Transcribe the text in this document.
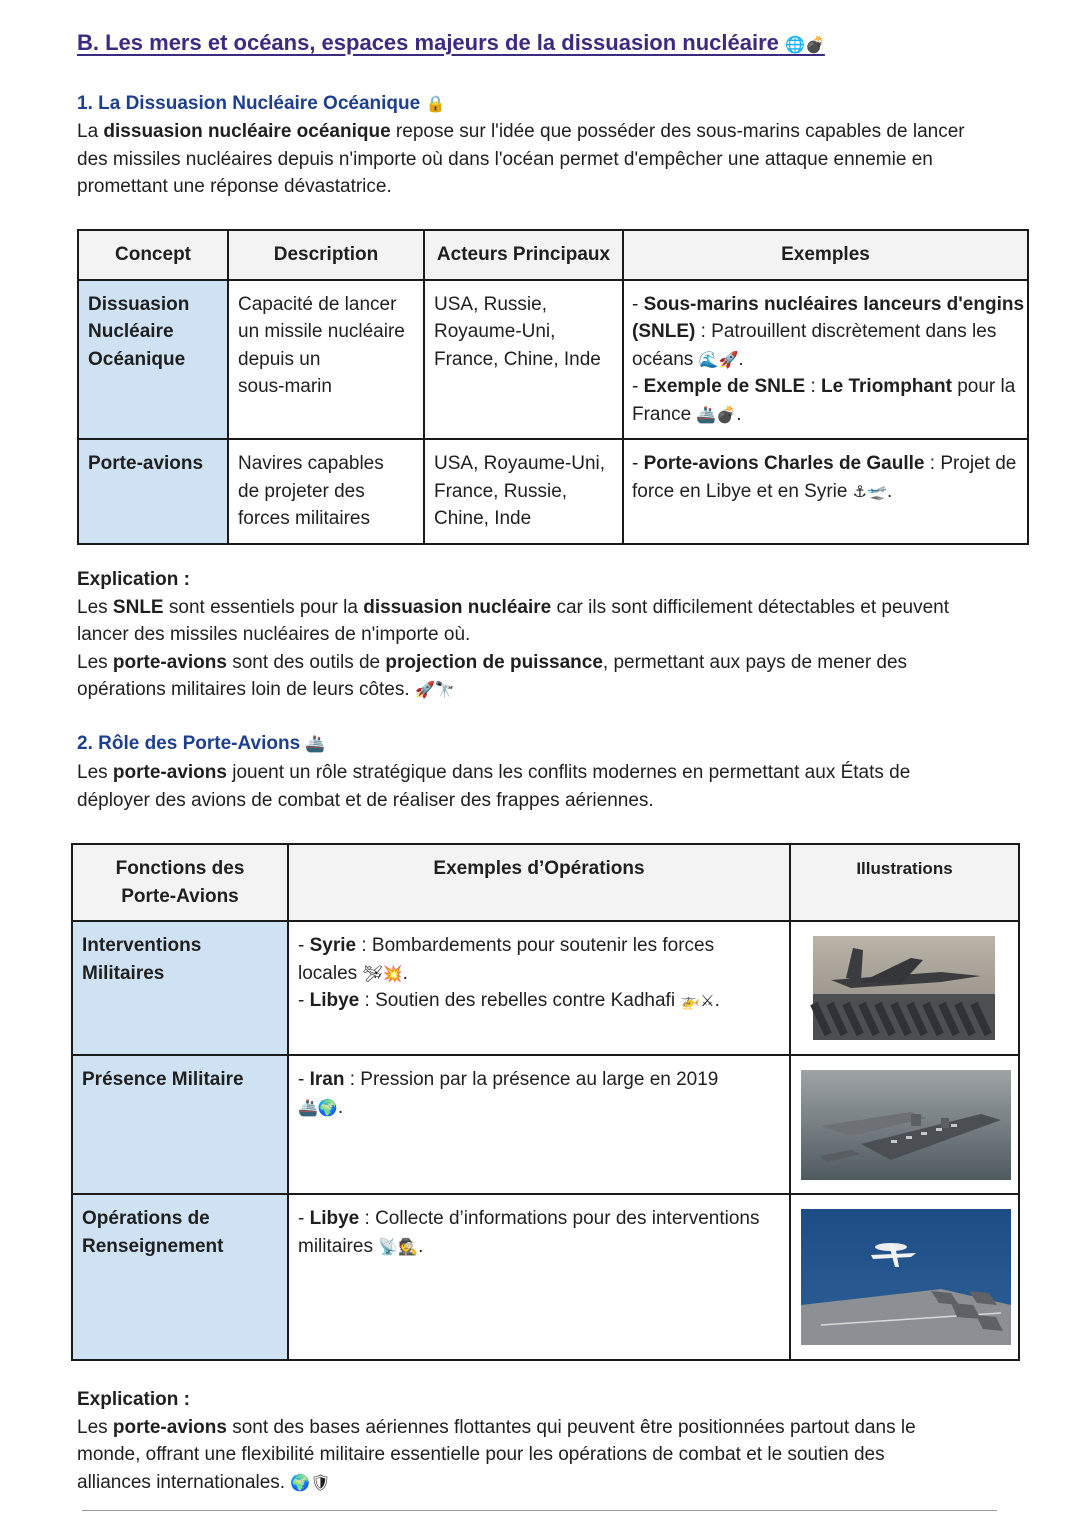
B. Les mers et océans, espaces majeurs de la dissuasion nucléaire 🌐💣
1. La Dissuasion Nucléaire Océanique 🔒
La dissuasion nucléaire océanique repose sur l'idée que posséder des sous-marins capables de lancer
des missiles nucléaires depuis n'importe où dans l'océan permet d'empêcher une attaque ennemie en
promettant une réponse dévastatrice.
Concept	Description	Acteurs Principaux	Exemples

Dissuasion
Nucléaire
Océanique	Capacité de lancer
un missile nucléaire
depuis un
sous-marin	USA, Russie,
Royaume-Uni,
France, Chine, Inde	- Sous-marins nucléaires lanceurs d'engins
(SNLE) : Patrouillent discrètement dans les
océans 🌊🚀.
- Exemple de SNLE : Le Triomphant pour la
France 🚢💣.

Porte-avions	Navires capables
de projeter des
forces militaires	USA, Royaume-Uni,
France, Russie,
Chine, Inde	- Porte-avions Charles de Gaulle : Projet de
force en Libye et en Syrie ⚓🛫.
Explication :
Les SNLE sont essentiels pour la dissuasion nucléaire car ils sont difficilement détectables et peuvent
lancer des missiles nucléaires de n'importe où.
Les porte-avions sont des outils de projection de puissance, permettant aux pays de mener des
opérations militaires loin de leurs côtes. 🚀🔭
2. Rôle des Porte-Avions 🚢
Les porte-avions jouent un rôle stratégique dans les conflits modernes en permettant aux États de
déployer des avions de combat et de réaliser des frappes aériennes.
Fonctions des
Porte-Avions	Exemples d’Opérations	Illustrations

Interventions
Militaires	- Syrie : Bombardements pour soutenir les forces
locales 🛩💥.
- Libye : Soutien des rebelles contre Kadhafi 🚁⚔.

Présence Militaire	- Iran : Pression par la présence au large en 2019
🚢🌍.

Opérations de
Renseignement	- Libye : Collecte d’informations pour des interventions
militaires 📡🕵.

Explication :
Les porte-avions sont des bases aériennes flottantes qui peuvent être positionnées partout dans le
monde, offrant une flexibilité militaire essentielle pour les opérations de combat et le soutien des
alliances internationales. 🌍🛡
